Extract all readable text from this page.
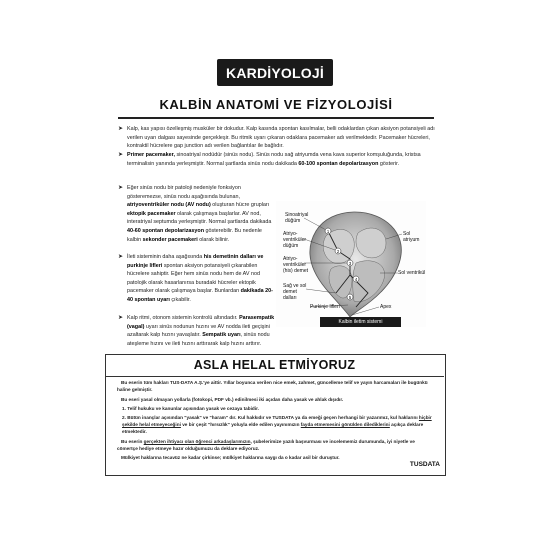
KARDİYOLOJİ
KALBİN ANATOMİ VE FİZYOLOJİSİ
➤ Kalp, kas yapısı özelleşmiş musküler bir dokudur. Kalp kasında spontan kasılmalar, belli odaklardan çıkan aksiyon potansiyeli adı verilen uyarı dalgası sayesinde gerçekleşir. Bu ritmik uyarı çıkaran odaklara pacemaker adı verilmektedir. Pacemaker hücreleri, kontraktil hücrelere gap junction adı verilen bağlantılar ile bağlıdır.
➤ Primer pacemaker, sinoatriyal nodüdür (sinüs nodu). Sinüs nodu sağ atriyumda vena kava superior komşuluğunda, kristsa terminalisin yanında yerleşmiştir. Normal şartlarda sinüs nodu dakikada 60-100 spontan depolarizasyon gösterir.
➤ Eğer sinüs nodu bir patoloji nedeniyle fonksiyon gösteremezse, sinüs nodu aşağısında bulunan, atriyoventriküler nodu (AV nodu) oluşturan hücre grupları ektopik pacemaker olarak çalışmaya başlarlar. AV nod, interatriyal septumda yerleşmiştir. Normal şartlarda dakikada 40-60 spontan depolarizasyon gösterebilir. Bu nedenle kalbin sekonder pacemakeri olarak bilinir.
➤ İleti sisteminin daha aşağısında his demetinin dalları ve purkinje lifleri spontan aksiyon potansiyeli çıkarabilen hücrelere sahiptir. Eğer hem sinüs nodu hem de AV nod patolojik olarak hasarlanırsa buradaki hücreler ektopik pacemaker olarak çalışmaya başlar. Bunlardan dakikada 20-40 spontan uyarı çıkabilir.
➤ Kalp ritmi, otonom sistemin kontrolü altındadır. Parasempatik (vagal) uyarı sinüs nodunun hızını ve AV nodda ileti geçişini azaltarak kalp hızını yavaşlatır. Sempatik uyarı, sinüs nodu ateşleme hızını ve ileti hızını arttırarak kalp hızını arttırır.
1
2
3
4
5
Sinoatriyal düğüm
Atriyo-ventriküler düğüm
Atriyo-ventriküler (his) demet
Sağ ve sol demet dalları
Purkinje lifleri
Sol atriyum
Sol ventrikül
Apex
Kalbin iletim sistemi
ASLA HELAL ETMİYORUZ
Bu eserin tüm hakları TUS-DATA A.Ş.'ye aittir. Yıllar boyunca verilen nice emek, zahmet, güncelleme telif ve yayın harcamaları ile bugünkü haline gelmiştir.
Bu eseri yasal olmayan yollarla (fotokopi, PDF vb.) edinilmesi iki açıdan daha yasak ve ahlak dışıdır.
1. Telif hukuku ve kanunlar açısından yasak ve cezaya tabidir.
2. Bütün inançlar açısından "yasak" ve "haram" dır. Kul hakkıdır ve TUSDATA ya da emeği geçen herhangi bir yazarımız, kul haklarını hiçbir şekilde helal etmeyeceğini ve bir çeşit "hırsızlık" yoluyla elde edilen yayınımızın fayda etmemesini gönülden dilediklerini açıkça deklare etmektedir.
Bu eserin gerçekten ihtiyacı olan öğrenci arkadaşlarımızın, şubelerimize yazılı başvurması ve incelememiz durumunda, iyi niyetle ve cömertçe hediye etmeye hazır olduğumuzu da deklare ediyoruz.
Mülkiyet haklarına tecavüz ne kadar çirkinse; mülkiyet haklarına saygı da o kadar asil bir duruştur.
TUSDATA
